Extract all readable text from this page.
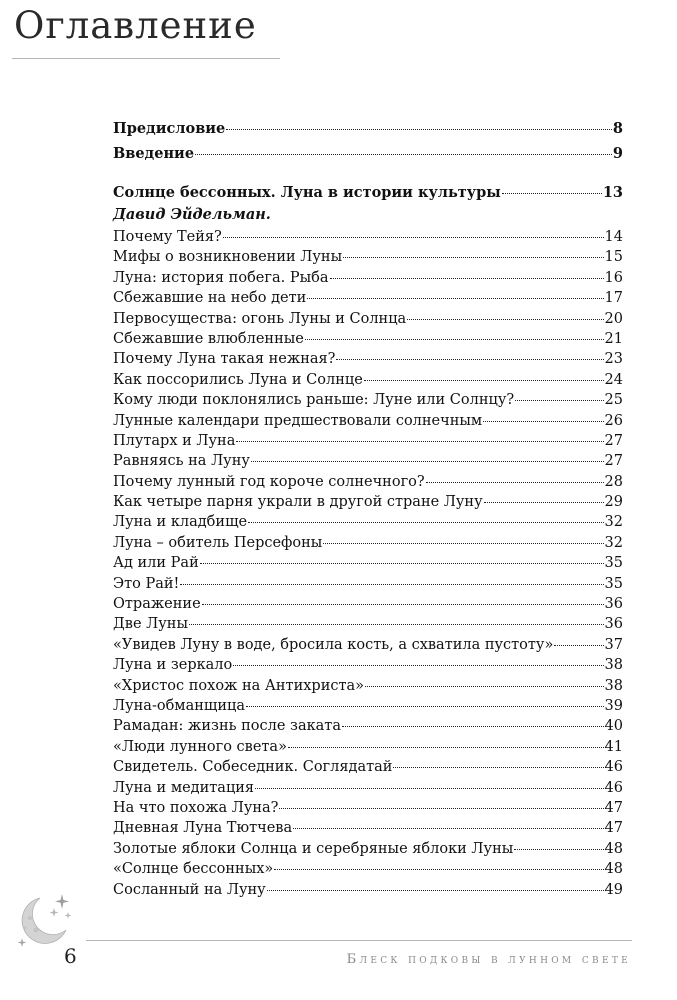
Оглавление
Предисловие	8
Введение	9
Солнце бессонных. Луна в истории культуры	13
Давид Эйдельман.
Почему Тейя?	14
Мифы о возникновении Луны	15
Луна: история побега. Рыба	16
Сбежавшие на небо дети	17
Первосущества: огонь Луны и Солнца	20
Сбежавшие влюбленные	21
Почему Луна такая нежная?	23
Как поссорились Луна и Солнце	24
Кому люди поклонялись раньше: Луне или Солнцу?	25
Лунные календари предшествовали солнечным	26
Плутарх и Луна	27
Равняясь на Луну	27
Почему лунный год короче солнечного?	28
Как четыре парня украли в другой стране Луну	29
Луна и кладбище	32
Луна – обитель Персефоны	32
Ад или Рай	35
Это Рай!	35
Отражение	36
Две Луны	36
«Увидев Луну в воде, бросила кость, а схватила пустоту»	37
Луна и зеркало	38
«Христос похож на Антихриста»	38
Луна-обманщица	39
Рамадан: жизнь после заката	40
«Люди лунного света»	41
Свидетель. Собеседник. Соглядатай	46
Луна и медитация	46
На что похожа Луна?	47
Дневная Луна Тютчева	47
Золотые яблоки Солнца и серебряные яблоки Луны	48
«Солнце бессонных»	48
Сосланный на Луну	49
6	Блеск подковы в лунном свете
